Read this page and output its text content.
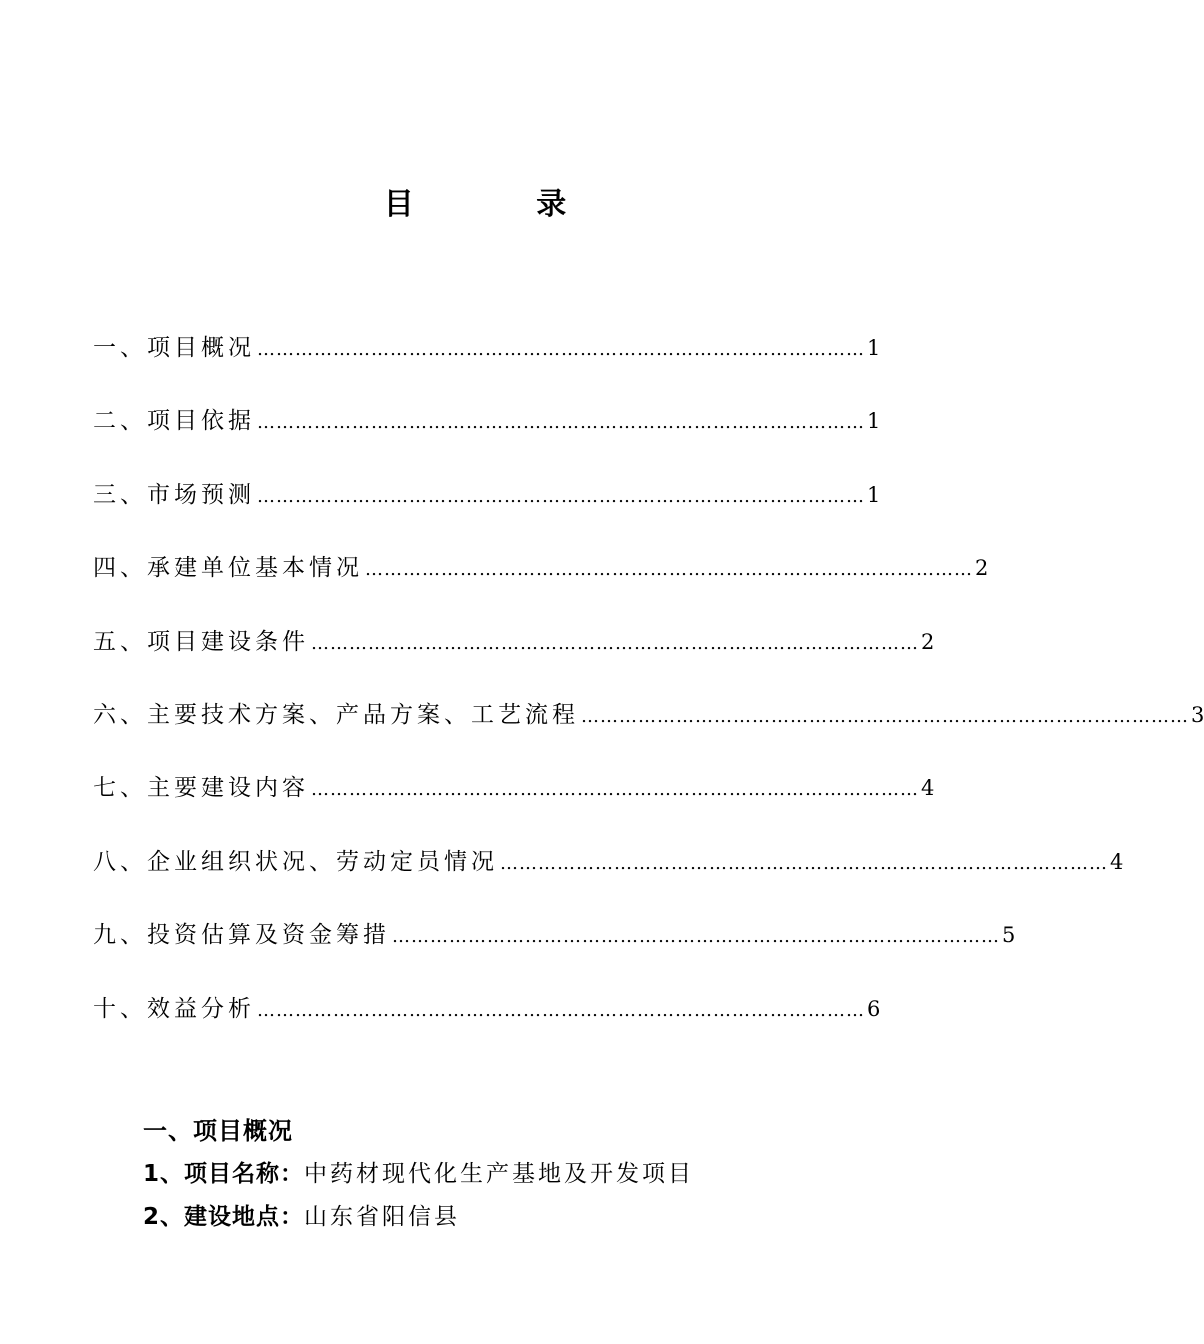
目 录
一、项目概况 …………………………………………………………………………………… 1
二、项目依据 …………………………………………………………………………………… 1
三、市场预测 …………………………………………………………………………………… 1
四、承建单位基本情况 …………………………………………………………………………………… 2
五、项目建设条件 …………………………………………………………………………………… 2
六、主要技术方案、产品方案、工艺流程 …………………………………………………………………………………… 3
七、主要建设内容 …………………………………………………………………………………… 4
八、企业组织状况、劳动定员情况 …………………………………………………………………………………… 4
九、投资估算及资金筹措 …………………………………………………………………………………… 5
十、效益分析 …………………………………………………………………………………… 6
一、项目概况
1、项目名称：中药材现代化生产基地及开发项目
2、建设地点：山东省阳信县
